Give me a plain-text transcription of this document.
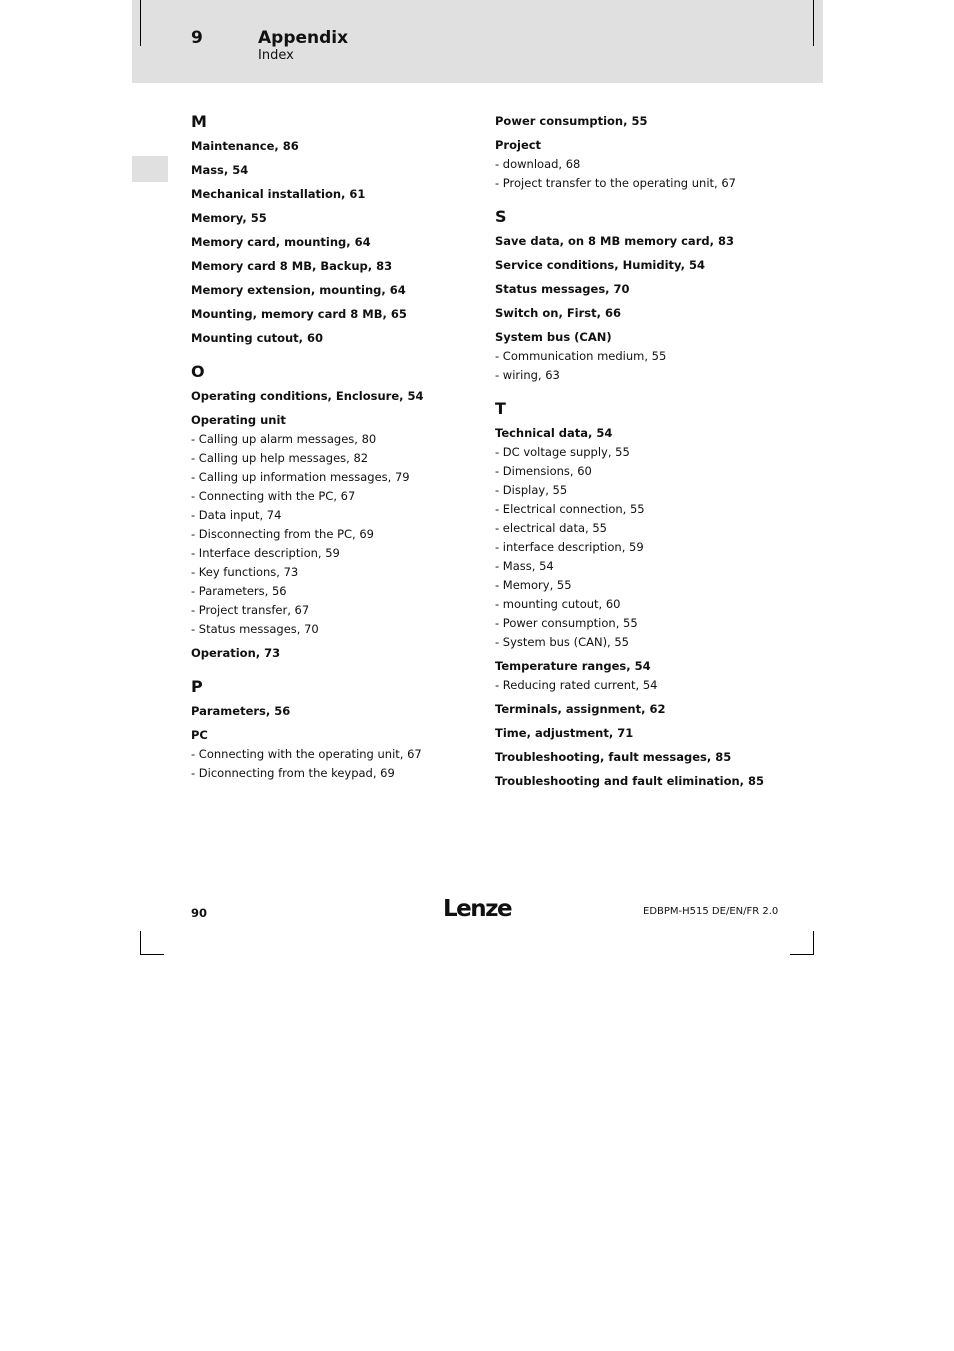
9	Appendix
Index
M
Maintenance, 86
Mass, 54
Mechanical installation, 61
Memory, 55
Memory card, mounting, 64
Memory card 8 MB, Backup, 83
Memory extension, mounting, 64
Mounting, memory card 8 MB, 65
Mounting cutout, 60
O
Operating conditions, Enclosure, 54
Operating unit
- Calling up alarm messages, 80
- Calling up help messages, 82
- Calling up information messages, 79
- Connecting with the PC, 67
- Data input, 74
- Disconnecting from the PC, 69
- Interface description, 59
- Key functions, 73
- Parameters, 56
- Project transfer, 67
- Status messages, 70
Operation, 73
P
Parameters, 56
PC
- Connecting with the operating unit, 67
- Diconnecting from the keypad, 69
Power consumption, 55
Project
- download, 68
- Project transfer to the operating unit, 67
S
Save data, on 8 MB memory card, 83
Service conditions, Humidity, 54
Status messages, 70
Switch on, First, 66
System bus (CAN)
- Communication medium, 55
- wiring, 63
T
Technical data, 54
- DC voltage supply, 55
- Dimensions, 60
- Display, 55
- Electrical connection, 55
- electrical data, 55
- interface description, 59
- Mass, 54
- Memory, 55
- mounting cutout, 60
- Power consumption, 55
- System bus (CAN), 55
Temperature ranges, 54
- Reducing rated current, 54
Terminals, assignment, 62
Time, adjustment, 71
Troubleshooting, fault messages, 85
Troubleshooting and fault elimination, 85
90	Lenze	EDBPM-H515 DE/EN/FR 2.0
